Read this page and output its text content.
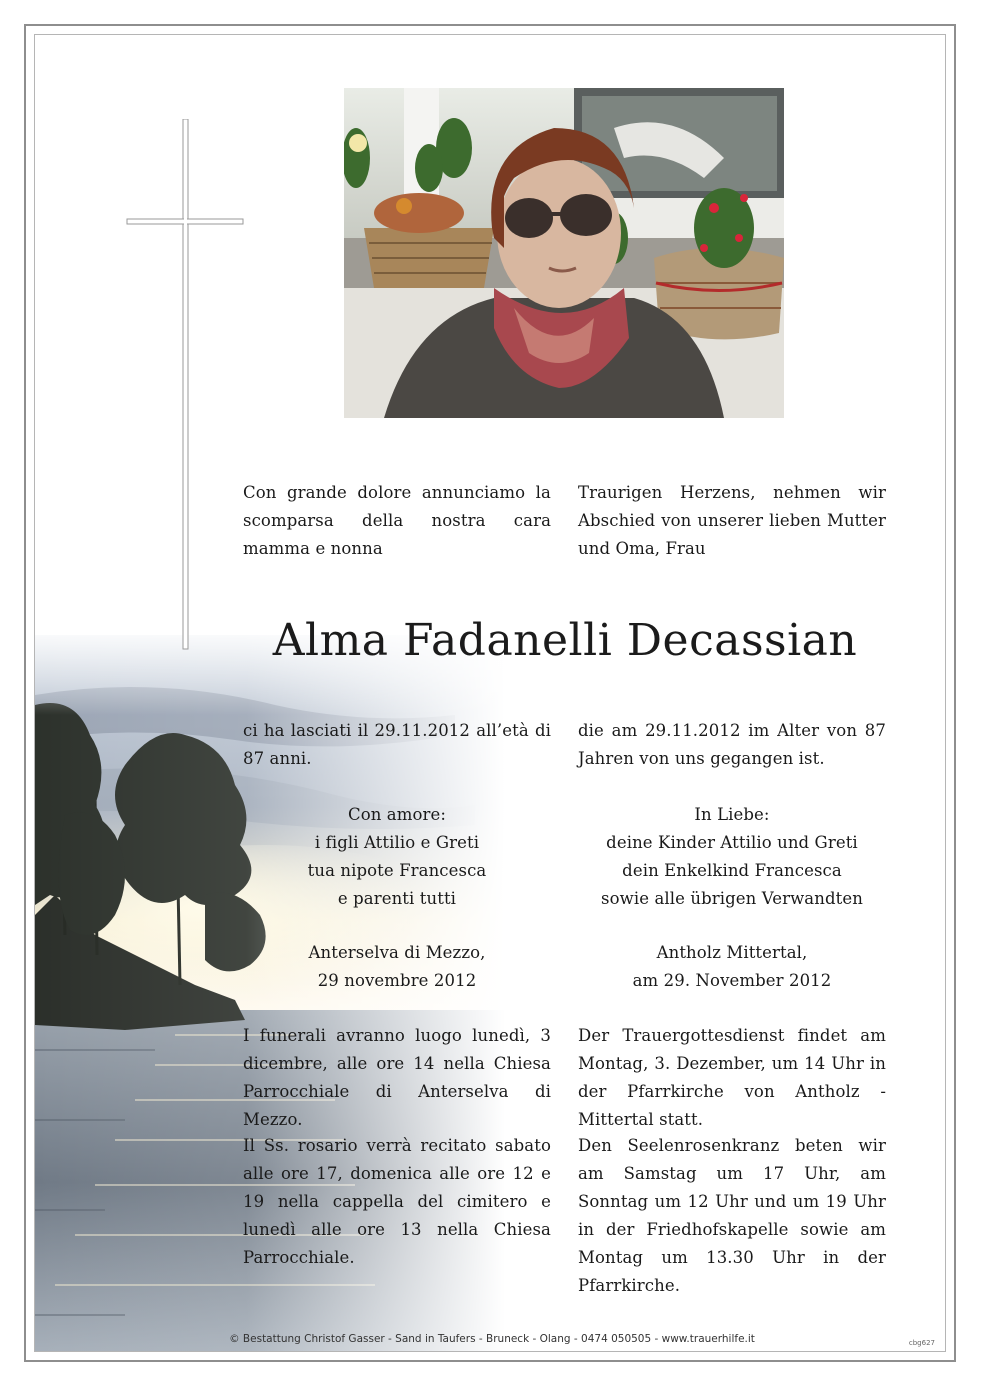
Con grande dolore annunciamo la scomparsa della nostra cara mamma e nonna
Traurigen Herzens, nehmen wir Abschied von unserer lieben Mutter und Oma, Frau
Alma Fadanelli Decassian
ci ha lasciati il 29.11.2012 all’età di 87 anni.
die am 29.11.2012 im Alter von 87 Jahren von uns gegangen ist.
Con amore:
i figli Attilio e Greti
tua nipote Francesca
e parenti tutti
In Liebe:
deine Kinder Attilio und Greti
dein Enkelkind Francesca
sowie alle übrigen Verwandten
Anterselva di Mezzo,
29 novembre 2012
Antholz Mittertal,
am 29. November 2012
I funerali avranno luogo lunedì, 3 dicembre, alle ore 14 nella Chiesa Parrocchiale di Anterselva di Mezzo.
Der Trauergottesdienst findet am Montag, 3. Dezember, um 14 Uhr in der Pfarrkirche von Antholz - Mittertal statt.
Il Ss. rosario verrà recitato sabato alle ore 17, domenica alle ore 12 e 19 nella cappella del cimitero e lunedì alle ore 13 nella Chiesa Parrocchiale.
Den Seelenrosenkranz beten wir am Samstag um 17 Uhr, am Sonntag um 12 Uhr und um 19 Uhr in der Friedhofskapelle sowie am Montag um 13.30 Uhr in der Pfarrkirche.
© Bestattung Christof Gasser - Sand in Taufers - Bruneck - Olang - 0474 050505 - www.trauerhilfe.it	cbg627
